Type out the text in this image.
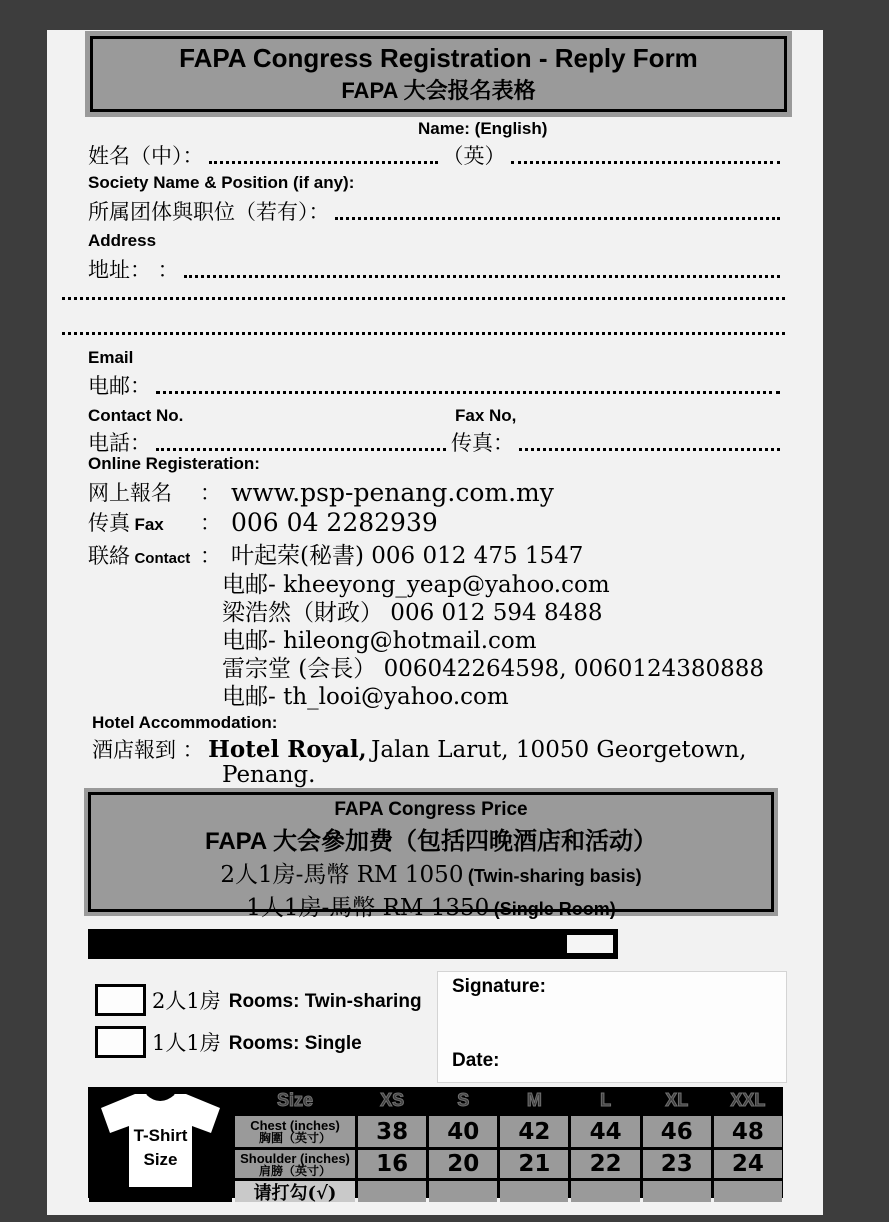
FAPA Congress Registration - Reply Form
FAPA 大会报名表格
Name: (English)
姓名（中）：	（英）
Society Name & Position (if any):
所属团体與职位（若有）：
Address
地址： ：
Email
电邮：
Contact No.	Fax No,
电話：	传真：
Online Registeration:
网上報名	： www.psp-penang.com.my
传真 Fax	： 006 04 2282939
联絡 Contact ： 叶起荣(秘書) 006 012 475 1547
电邮- kheeyong_yeap@yahoo.com
梁浩然（財政） 006 012 594 8488
电邮- hileong@hotmail.com
雷宗堂 (会長） 006042264598, 0060124380888
电邮- th_looi@yahoo.com
Hotel Accommodation:
酒店報到 ： Hotel Royal, Jalan Larut, 10050 Georgetown,
Penang.
FAPA Congress Price
FAPA 大会參加费（包括四晚酒店和活动）
2人1房-馬幣 RM 1050 (Twin-sharing basis)
1人1房-馬幣 RM 1350 (Single Room)
2人1房 Rooms: Twin-sharing
1人1房 Rooms: Single
Signature:
Date:
T-Shirt
Size
Size	XS	S	M	L	XL	XXL
Chest (inches)
胸圍（英寸）	38	40	42	44	46	48
Shoulder (inches)
肩膀（英寸）	16	20	21	22	23	24
请打勾(√)
